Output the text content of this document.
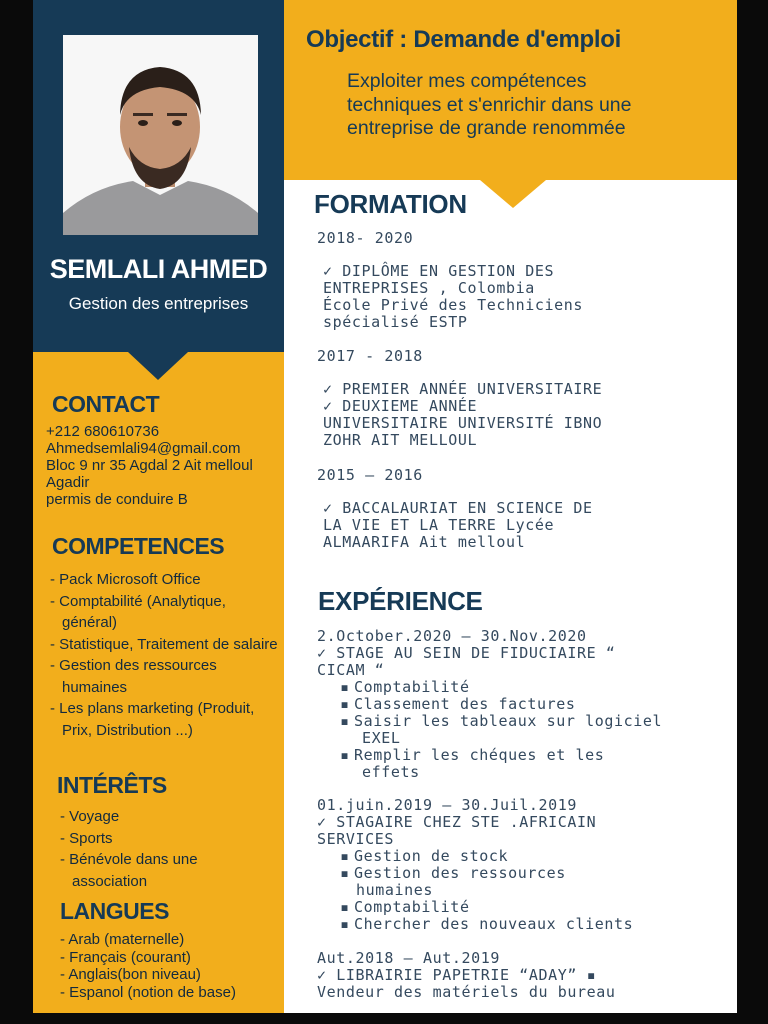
SEMLALI AHMED
Gestion des entreprises
CONTACT
+212 680610736
Ahmedsemlali94@gmail.com
Bloc 9 nr 35 Agdal 2 Ait melloul
Agadir
permis de conduire B
COMPETENCES
- Pack Microsoft Office
- Comptabilité (Analytique, général)
- Statistique, Traitement de salaire
- Gestion des ressources humaines
- Les plans marketing (Produit, Prix, Distribution ...)
INTÉRÊTS
- Voyage
- Sports
- Bénévole dans une association
LANGUES
- Arab (maternelle)
- Français (courant)
- Anglais(bon niveau)
- Espanol (notion de base)
Objectif : Demande d'emploi
Exploiter mes compétences
techniques et s'enrichir dans une
entreprise de grande renommée
FORMATION
2018- 2020
✓ DIPLÔME EN GESTION DES
ENTREPRISES , Colombia
École Privé des Techniciens
spécialisé ESTP
2017 - 2018
✓ PREMIER ANNÉE UNIVERSITAIRE
✓ DEUXIEME ANNÉE
UNIVERSITAIRE UNIVERSITÉ IBNO
ZOHR AIT MELLOUL
2015 – 2016
✓ BACCALAURIAT EN SCIENCE DE
LA VIE ET LA TERRE Lycée
ALMAARIFA Ait melloul
EXPÉRIENCE
2.October.2020 – 30.Nov.2020
✓ STAGE AU SEIN DE FIDUCIAIRE “
CICAM “
▪ Comptabilité
▪ Classement des factures
▪ Saisir les tableaux sur logiciel
EXEL
▪ Remplir les chéques et les
effets
01.juin.2019 – 30.Juil.2019
✓ STAGAIRE CHEZ STE .AFRICAIN
SERVICES
▪ Gestion de stock
▪ Gestion des ressources
humaines
▪ Comptabilité
▪ Chercher des nouveaux clients
Aut.2018 – Aut.2019
✓ LIBRAIRIE PAPETRIE “ADAY” ▪
Vendeur des matériels du bureau
